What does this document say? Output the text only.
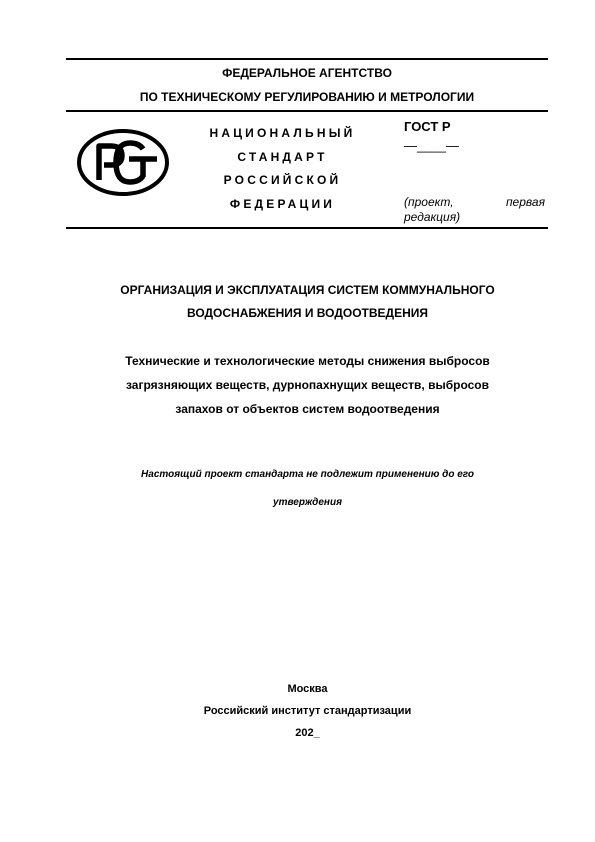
ФЕДЕРАЛЬНОЕ АГЕНТСТВО
ПО ТЕХНИЧЕСКОМУ РЕГУЛИРОВАНИЮ И МЕТРОЛОГИИ
НАЦИОНАЛЬНЫЙ
СТАНДАРТ
РОССИЙСКОЙ
ФЕДЕРАЦИИ
ГОСТ Р
—____—
(проект,	первая
редакция)
ОРГАНИЗАЦИЯ И ЭКСПЛУАТАЦИЯ СИСТЕМ КОММУНАЛЬНОГО
ВОДОСНАБЖЕНИЯ И ВОДООТВЕДЕНИЯ
Технические и технологические методы снижения выбросов
загрязняющих веществ, дурнопахнущих веществ, выбросов
запахов от объектов систем водоотведения
Настоящий проект стандарта не подлежит применению до его
утверждения
Москва
Российский институт стандартизации
202_
